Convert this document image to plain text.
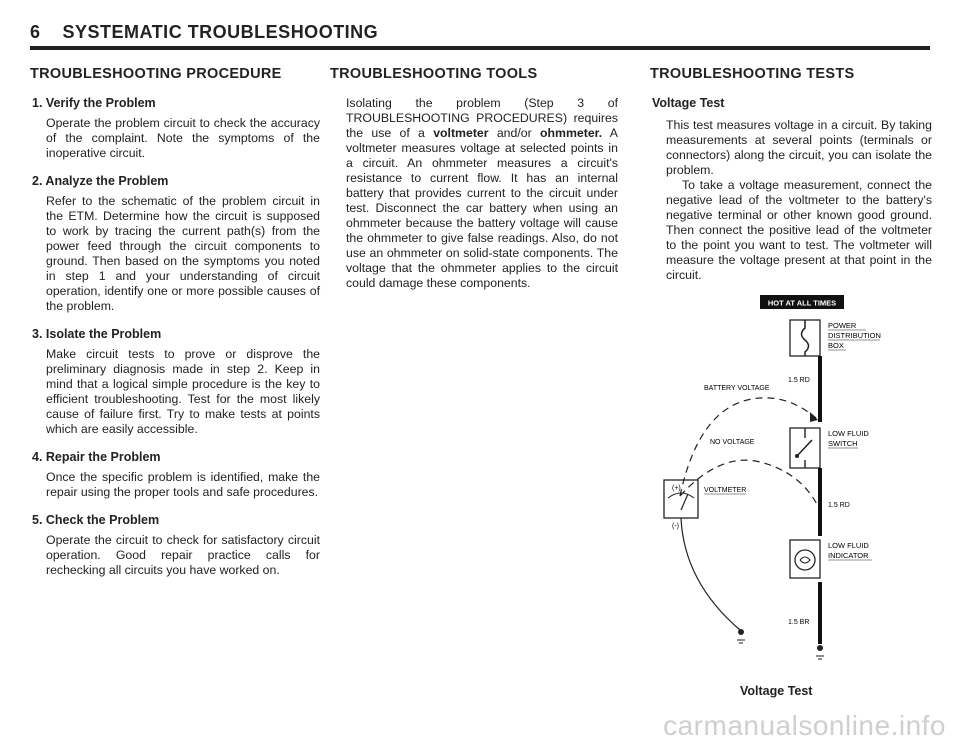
6 SYSTEMATIC TROUBLESHOOTING
TROUBLESHOOTING PROCEDURE
1. Verify the Problem

Operate the problem circuit to check the accuracy of the complaint. Note the symptoms of the inoperative circuit.

2. Analyze the Problem

Refer to the schematic of the problem circuit in the ETM. Determine how the circuit is supposed to work by tracing the current path(s) from the power feed through the circuit components to ground. Then based on the symptoms you noted in step 1 and your understanding of circuit operation, identify one or more possible causes of the problem.

3. Isolate the Problem

Make circuit tests to prove or disprove the preliminary diagnosis made in step 2. Keep in mind that a logical simple procedure is the key to efficient troubleshooting. Test for the most likely cause of failure first. Try to make tests at points which are easily accessible.

4. Repair the Problem

Once the specific problem is identified, make the repair using the proper tools and safe procedures.

5. Check the Problem

Operate the circuit to check for satisfactory circuit operation. Good repair practice calls for rechecking all circuits you have worked on.

TROUBLESHOOTING TOOLS

Isolating the problem (Step 3 of TROUBLESHOOTING PROCEDURES) requires the use of a voltmeter and/or ohmmeter. A voltmeter measures voltage at selected points in a circuit. An ohmmeter measures a circuit's resistance to current flow. It has an internal battery that provides current to the circuit under test. Disconnect the car battery when using an ohmmeter because the battery voltage will cause the ohmmeter to give false readings. Also, do not use an ohmmeter on solid-state components. The voltage that the ohmmeter applies to the circuit could damage these components.

TROUBLESHOOTING TESTS
Voltage Test

This test measures voltage in a circuit. By taking measurements at several points (terminals or connectors) along the circuit, you can isolate the problem.

To take a voltage measurement, connect the negative lead of the voltmeter to the battery's negative terminal or other known good ground. Then connect the positive lead of the voltmeter to the point you want to test. The voltmeter will measure the voltage present at that point in the circuit.

HOT AT ALL TIMES
POWER DISTRIBUTION BOX
1.5 RD
BATTERY VOLTAGE
LOW FLUID SWITCH
NO VOLTAGE
(+)
(-)
VOLTMETER
1.5 RD
LOW FLUID INDICATOR
1.5 BR
Voltage Test
carmanualsonline.info
